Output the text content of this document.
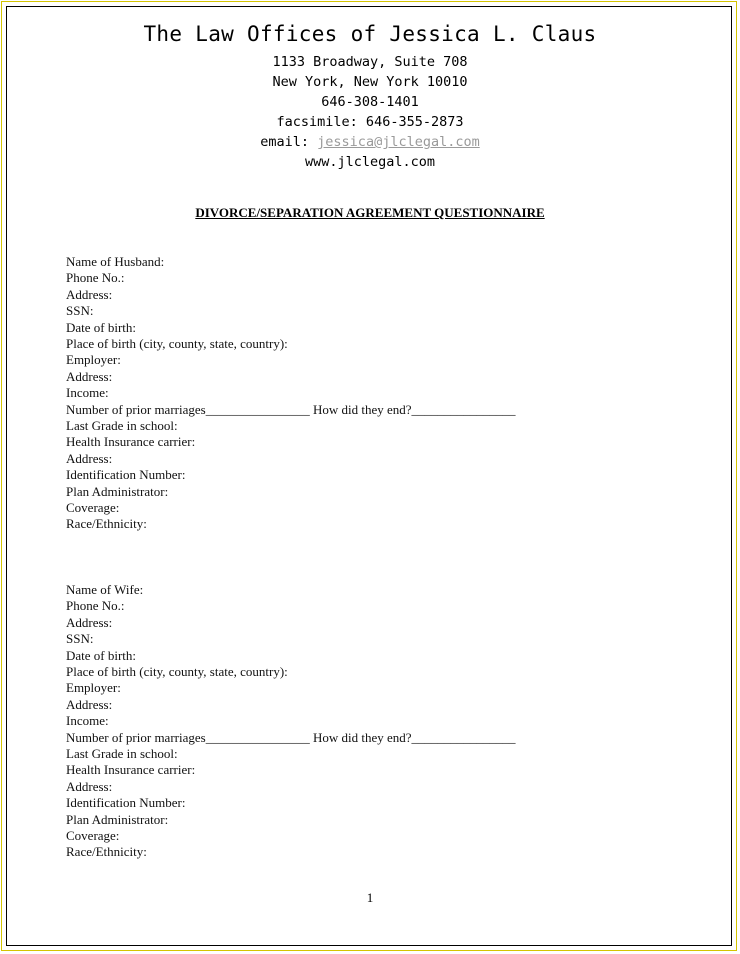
The Law Offices of Jessica L. Claus
1133 Broadway, Suite 708
New York, New York 10010
646-308-1401
facsimile: 646-355-2873
email: jessica@jlclegal.com
www.jlclegal.com
DIVORCE/SEPARATION AGREEMENT QUESTIONNAIRE
Name of Husband:
Phone No.:
Address:
SSN:
Date of birth:
Place of birth (city, county, state, country):
Employer:
Address:
Income:
Number of prior marriages________________ How did they end?________________
Last Grade in school:
Health Insurance carrier:
Address:
Identification Number:
Plan Administrator:
Coverage:
Race/Ethnicity:
Name of Wife:
Phone No.:
Address:
SSN:
Date of birth:
Place of birth (city, county, state, country):
Employer:
Address:
Income:
Number of prior marriages________________ How did they end?________________
Last Grade in school:
Health Insurance carrier:
Address:
Identification Number:
Plan Administrator:
Coverage:
Race/Ethnicity:
1
